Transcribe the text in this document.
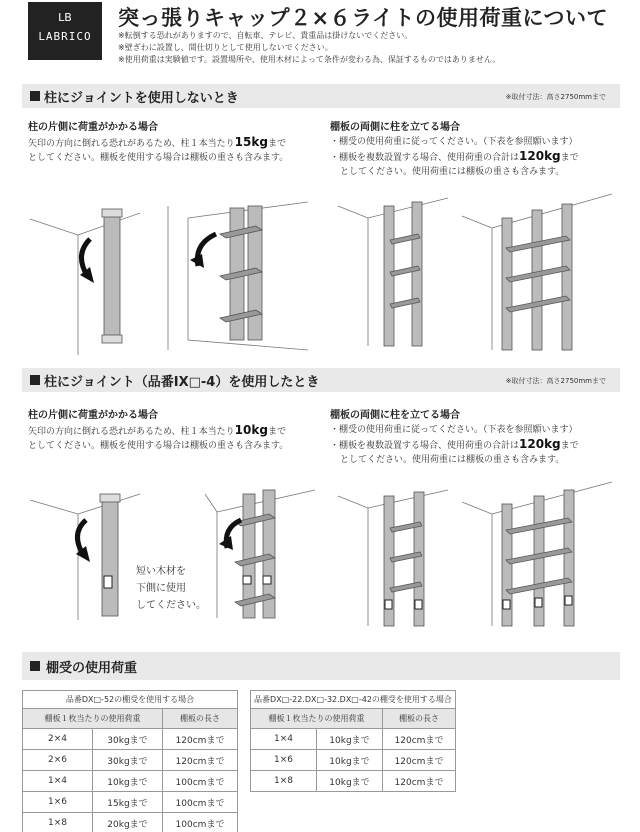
LB
LABRICO
突っ張りキャップ２×６ライトの使用荷重について
※転倒する恐れがありますので、自転車、テレビ、貴重品は掛けないでください。
※壁ぎわに設置し、間仕切りとして使用しないでください。
※使用荷重は実験値です。設置場所や、使用木材によって条件が変わる為、保証するものではありません。
柱にジョイントを使用しないとき	※取付寸法：高さ2750mmまで
柱の片側に荷重がかかる場合
矢印の方向に倒れる恐れがあるため、柱１本当たり15kgまで
としてください。棚板を使用する場合は棚板の重さも含みます。
棚板の両側に柱を立てる場合
・棚受の使用荷重に従ってください。（下表を参照願います）
・棚板を複数設置する場合、使用荷重の合計は120kgまで
としてください。使用荷重には棚板の重さも含みます。
柱にジョイント（品番IX□-4）を使用したとき	※取付寸法：高さ2750mmまで
柱の片側に荷重がかかる場合
矢印の方向に倒れる恐れがあるため、柱１本当たり10kgまで
としてください。棚板を使用する場合は棚板の重さも含みます。
棚板の両側に柱を立てる場合
・棚受の使用荷重に従ってください。（下表を参照願います）
・棚板を複数設置する場合、使用荷重の合計は120kgまで
としてください。使用荷重には棚板の重さも含みます。
短い木材を
下側に使用
してください。
棚受の使用荷重
品番DX□-52の棚受を使用する場合		
棚板１枚当たりの使用荷重		棚板の長さ
2×4	30kgまで	120cmまで
2×6	30kgまで	120cmまで
1×4	10kgまで	100cmまで
1×6	15kgまで	100cmまで
1×8	20kgまで	100cmまで
品番DX□-22.DX□-32.DX□-42の棚受を使用する場合		
棚板１枚当たりの使用荷重		棚板の長さ
1×4	10kgまで	120cmまで
1×6	10kgまで	120cmまで
1×8	10kgまで	120cmまで
